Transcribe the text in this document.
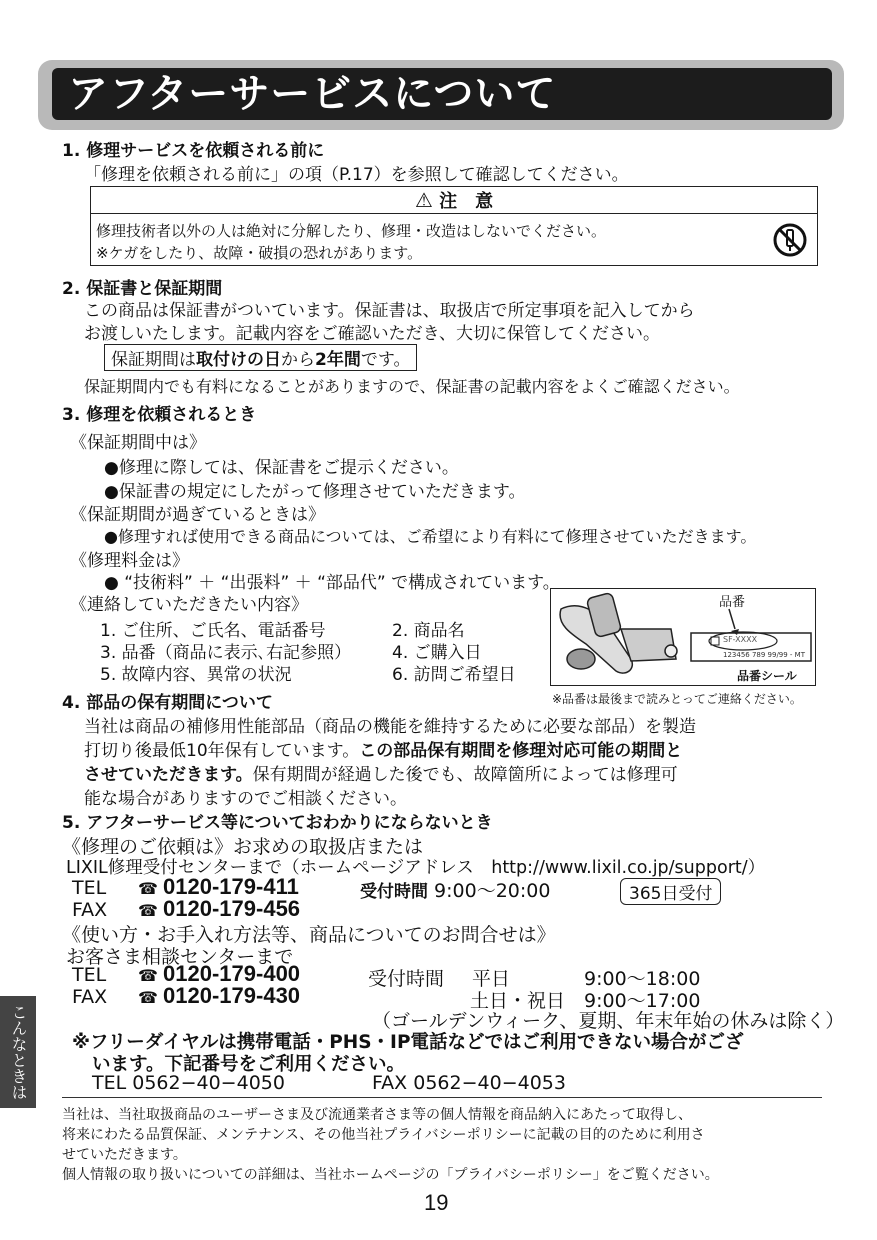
アフターサービスについて
1. 修理サービスを依頼される前に
「修理を依頼される前に」の項（P.17）を参照して確認してください。
⚠ 注　意
修理技術者以外の人は絶対に分解したり、修理・改造はしないでください。
※ケガをしたり、故障・破損の恐れがあります。
2. 保証書と保証期間
この商品は保証書がついています。保証書は、取扱店で所定事項を記入してから
お渡しいたします。記載内容をご確認いただき、大切に保管してください。
保証期間は取付けの日から2年間です。
保証期間内でも有料になることがありますので、保証書の記載内容をよくご確認ください。
3. 修理を依頼されるとき
《保証期間中は》
●修理に際しては、保証書をご提示ください。
●保証書の規定にしたがって修理させていただきます。
《保証期間が過ぎているときは》
●修理すれば使用できる商品については、ご希望により有料にて修理させていただきます。
《修理料金は》
● “技術料” ＋ “出張料” ＋ “部品代” で構成されています。
《連絡していただきたい内容》
1. ご住所、ご氏名、電話番号	2. 商品名
3. 品番（商品に表示､右記参照） 4. ご購入日
5. 故障内容、異常の状況	6. 訪問ご希望日
品番
SF-XXXX
123456 789 99/99 - MT
品番シール
※品番は最後まで読みとってご連絡ください。
4. 部品の保有期間について
当社は商品の補修用性能部品（商品の機能を維持するために必要な部品）を製造
打切り後最低10年保有しています。この部品保有期間を修理対応可能の期間と
させていただきます。保有期間が経過した後でも、故障箇所によっては修理可
能な場合がありますのでご相談ください。
5. アフターサービス等についておわかりにならないとき
《修理のご依頼は》お求めの取扱店または
LIXIL修理受付センターまで（ホームページアドレス　http://www.lixil.co.jp/support/）
TEL ☎ 0120-179-411	受付時間 9:00〜20:00	365日受付
FAX ☎ 0120-179-456
《使い方・お手入れ方法等、商品についてのお問合せは》
お客さま相談センターまで
TEL ☎ 0120-179-400	受付時間 平日	9:00〜18:00
FAX ☎ 0120-179-430	土日・祝日 9:00〜17:00
（ゴールデンウィーク、夏期、年末年始の休みは除く）
※フリーダイヤルは携帯電話・PHS・IP電話などではご利用できない場合がござ
います。下記番号をご利用ください。
TEL 0562−40−4050	FAX 0562−40−4053
当社は、当社取扱商品のユーザーさま及び流通業者さま等の個人情報を商品納入にあたって取得し、
将来にわたる品質保証、メンテナンス、その他当社プライバシーポリシーに記載の目的のために利用さ
せていただきます。
個人情報の取り扱いについての詳細は、当社ホームページの「プライバシーポリシー」をご覧ください。
こんなときは
19
